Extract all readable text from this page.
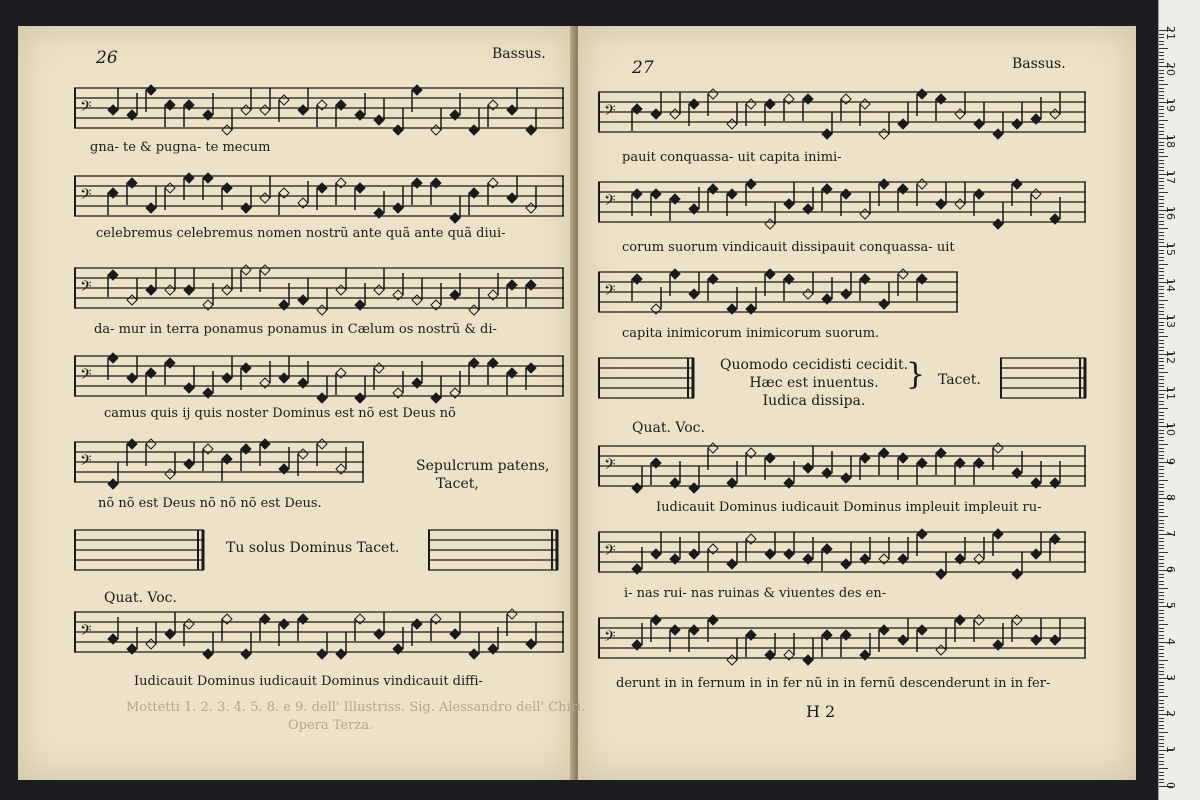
26	Bassus.
gna- te & pugna- te mecum
celebremus celebremus nomen nostrũ ante quã ante quã diui-
da- mur in terra ponamus ponamus in Cælum os nostrũ & di-
camus quis ij quis noster Dominus est nõ est Deus nõ
nõ nõ est Deus nõ nõ nõ est Deus.
Sepulcrum patens,
Tacet,
Tu solus Dominus Tacet.
Quat. Voc.
Iudicauit Dominus iudicauit Dominus vindicauit diffi-
Mottetti 1. 2. 3. 4. 5. 8. e 9. dell' Illustriss. Sig. Alessandro dell' Chiri.
Opera Terza.
27	Bassus.
pauit conquassa- uit capita inimi-
corum suorum vindicauit dissipauit conquassa- uit
capita inimicorum inimicorum suorum.
Quomodo cecidisti cecidit.
Hæc est inuentus.
Iudica dissipa.
} Tacet.
Quat. Voc.
Iudicauit Dominus iudicauit Dominus impleuit impleuit ru-
i- nas rui- nas ruinas & viuentes des en-
derunt in in fernum in in fer nũ in in fernũ descenderunt in in fer-
H 2
𝄢
𝄢
𝄢
𝄢
𝄢
𝄢
𝄢
𝄢
𝄢
𝄢
𝄢
𝄢
21
20
19
18
17
16
15
14
13
12
11
10
9
8
7
6
5
4
3
2
1
0
